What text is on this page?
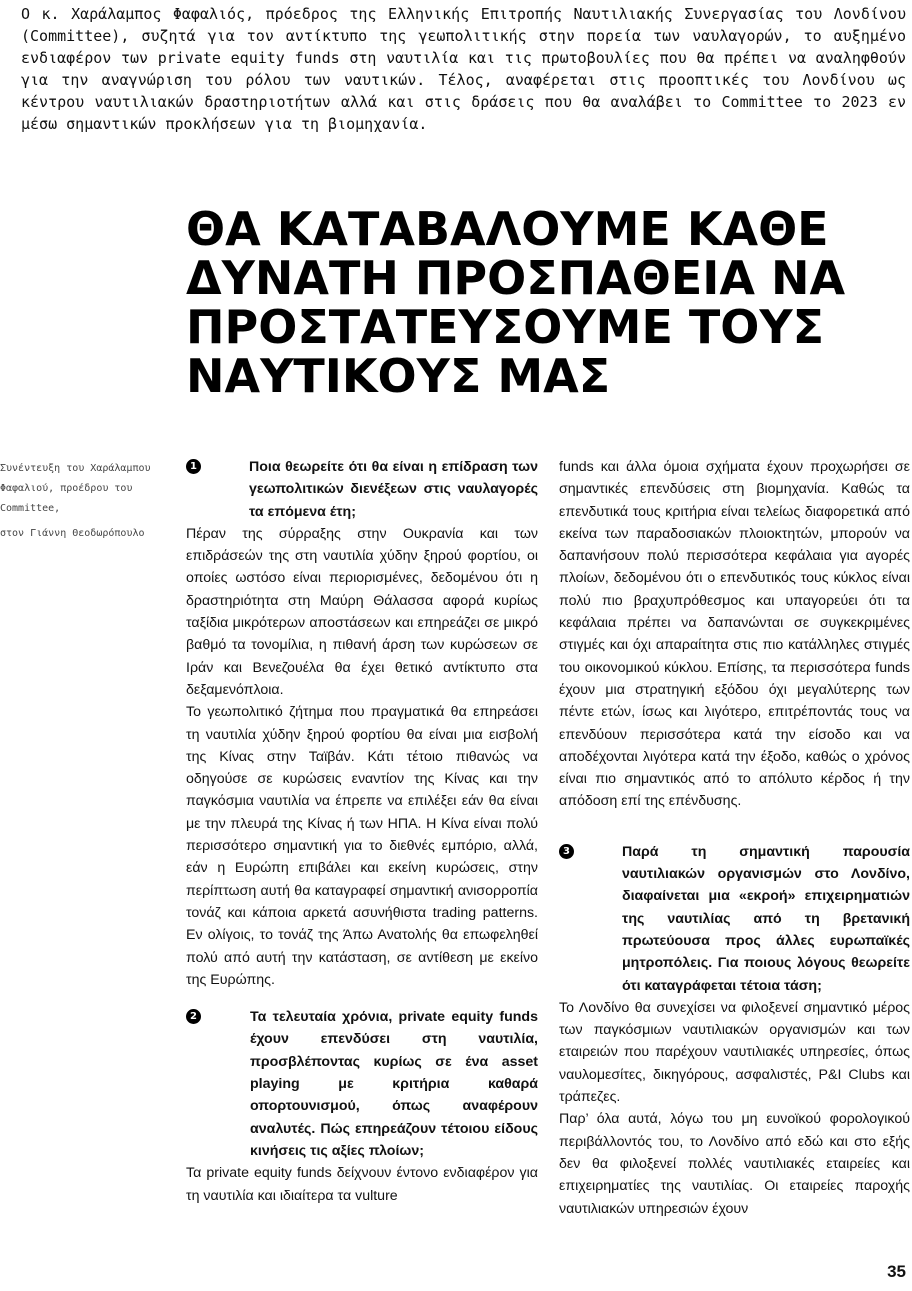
Ο κ. Χαράλαμπος Φαφαλιός, πρόεδρος της Ελληνικής Επιτροπής Ναυτιλιακής Συνεργασίας του Λονδίνου (Committee), συζητά για τον αντίκτυπο της γεωπολιτικής στην πορεία των ναυλαγορών, το αυξημένο ενδιαφέρον των private equity funds στη ναυτιλία και τις πρωτοβουλίες που θα πρέπει να αναληφθούν για την αναγνώριση του ρόλου των ναυτικών. Τέλος, αναφέρεται στις προοπτικές του Λονδίνου ως κέντρου ναυτιλιακών δραστηριοτήτων αλλά και στις δράσεις που θα αναλάβει το Committee το 2023 εν μέσω σημαντικών προκλήσεων για τη βιομηχανία.

ΘΑ ΚΑΤΑΒΑΛΟΥΜΕ ΚΑΘΕ ΔΥΝΑΤΗ ΠΡΟΣΠΑΘΕΙΑ ΝΑ ΠΡΟΣΤΑΤΕΥΣΟΥΜΕ ΤΟΥΣ ΝΑΥΤΙΚΟΥΣ ΜΑΣ
Συνέντευξη του Χαράλαμπου Φαφαλιού, προέδρου του Committee,
στον Γιάννη Θεοδωρόπουλο
1	Ποια θεωρείτε ότι θα είναι η επίδραση των γεωπολιτικών διενέξεων στις ναυλαγορές τα επόμενα έτη;

Πέραν της σύρραξης στην Ουκρανία και των επιδράσεών της στη ναυτιλία χύδην ξηρού φορτίου, οι οποίες ωστόσο είναι περιορισμένες, δεδομένου ότι η δραστηριότητα στη Μαύρη Θάλασσα αφορά κυρίως ταξίδια μικρότερων αποστάσεων και επηρεάζει σε μικρό βαθμό τα τονομίλια, η πιθανή άρση των κυρώσεων σε Ιράν και Βενεζουέλα θα έχει θετικό αντίκτυπο στα δεξαμενόπλοια.

Το γεωπολιτικό ζήτημα που πραγματικά θα επηρεάσει τη ναυτιλία χύδην ξηρού φορτίου θα είναι μια εισβολή της Κίνας στην Ταϊβάν. Κάτι τέτοιο πιθανώς να οδηγούσε σε κυρώσεις εναντίον της Κίνας και την παγκόσμια ναυτιλία να έπρεπε να επιλέξει εάν θα είναι με την πλευρά της Κίνας ή των ΗΠΑ. Η Κίνα είναι πολύ περισσότερο σημαντική για το διεθνές εμπόριο, αλλά, εάν η Ευρώπη επιβάλει και εκείνη κυρώσεις, στην περίπτωση αυτή θα καταγραφεί σημαντική ανισορροπία τονάζ και κάποια αρκετά ασυνήθιστα trading patterns. Εν ολίγοις, το τονάζ της Άπω Ανατολής θα επωφεληθεί πολύ από αυτή την κατάσταση, σε αντίθεση με εκείνο της Ευρώπης.

2	Τα τελευταία χρόνια, private equity funds έχουν επενδύσει στη ναυτιλία, προσβλέποντας κυρίως σε ένα asset playing με κριτήρια καθαρά οπορτουνισμού, όπως αναφέρουν αναλυτές. Πώς επηρεάζουν τέτοιου είδους κινήσεις τις αξίες πλοίων;

Τα private equity funds δείχνουν έντονο ενδιαφέρον για τη ναυτιλία και ιδιαίτερα τα vulture

funds και άλλα όμοια σχήματα έχουν προχωρήσει σε σημαντικές επενδύσεις στη βιομηχανία. Καθώς τα επενδυτικά τους κριτήρια είναι τελείως διαφορετικά από εκείνα των παραδοσιακών πλοιοκτητών, μπορούν να δαπανήσουν πολύ περισσότερα κεφάλαια για αγορές πλοίων, δεδομένου ότι ο επενδυτικός τους κύκλος είναι πολύ πιο βραχυπρόθεσμος και υπαγορεύει ότι τα κεφάλαια πρέπει να δαπανώνται σε συγκεκριμένες στιγμές και όχι απαραίτητα στις πιο κατάλληλες στιγμές του οικονομικού κύκλου. Επίσης, τα περισσότερα funds έχουν μια στρατηγική εξόδου όχι μεγαλύτερης των πέντε ετών, ίσως και λιγότερο, επιτρέποντάς τους να επενδύουν περισσότερα κατά την είσοδο και να αποδέχονται λιγότερα κατά την έξοδο, καθώς ο χρόνος είναι πιο σημαντικός από το απόλυτο κέρδος ή την απόδοση επί της επένδυσης.

3	Παρά τη σημαντική παρουσία ναυτιλιακών οργανισμών στο Λονδίνο, διαφαίνεται μια «εκροή» επιχειρηματιών της ναυτιλίας από τη βρετανική πρωτεύουσα προς άλλες ευρωπαϊκές μητροπόλεις. Για ποιους λόγους θεωρείτε ότι καταγράφεται τέτοια τάση;

Το Λονδίνο θα συνεχίσει να φιλοξενεί σημαντικό μέρος των παγκόσμιων ναυτιλιακών οργανισμών και των εταιρειών που παρέχουν ναυτιλιακές υπηρεσίες, όπως ναυλομεσίτες, δικηγόρους, ασφαλιστές, P&I Clubs και τράπεζες.

Παρ’ όλα αυτά, λόγω του μη ευνοϊκού φορολογικού περιβάλλοντός του, το Λονδίνο από εδώ και στο εξής δεν θα φιλοξενεί πολλές ναυτιλιακές εταιρείες και επιχειρηματίες της ναυτιλίας. Οι εταιρείες παροχής ναυτιλιακών υπηρεσιών έχουν

35
